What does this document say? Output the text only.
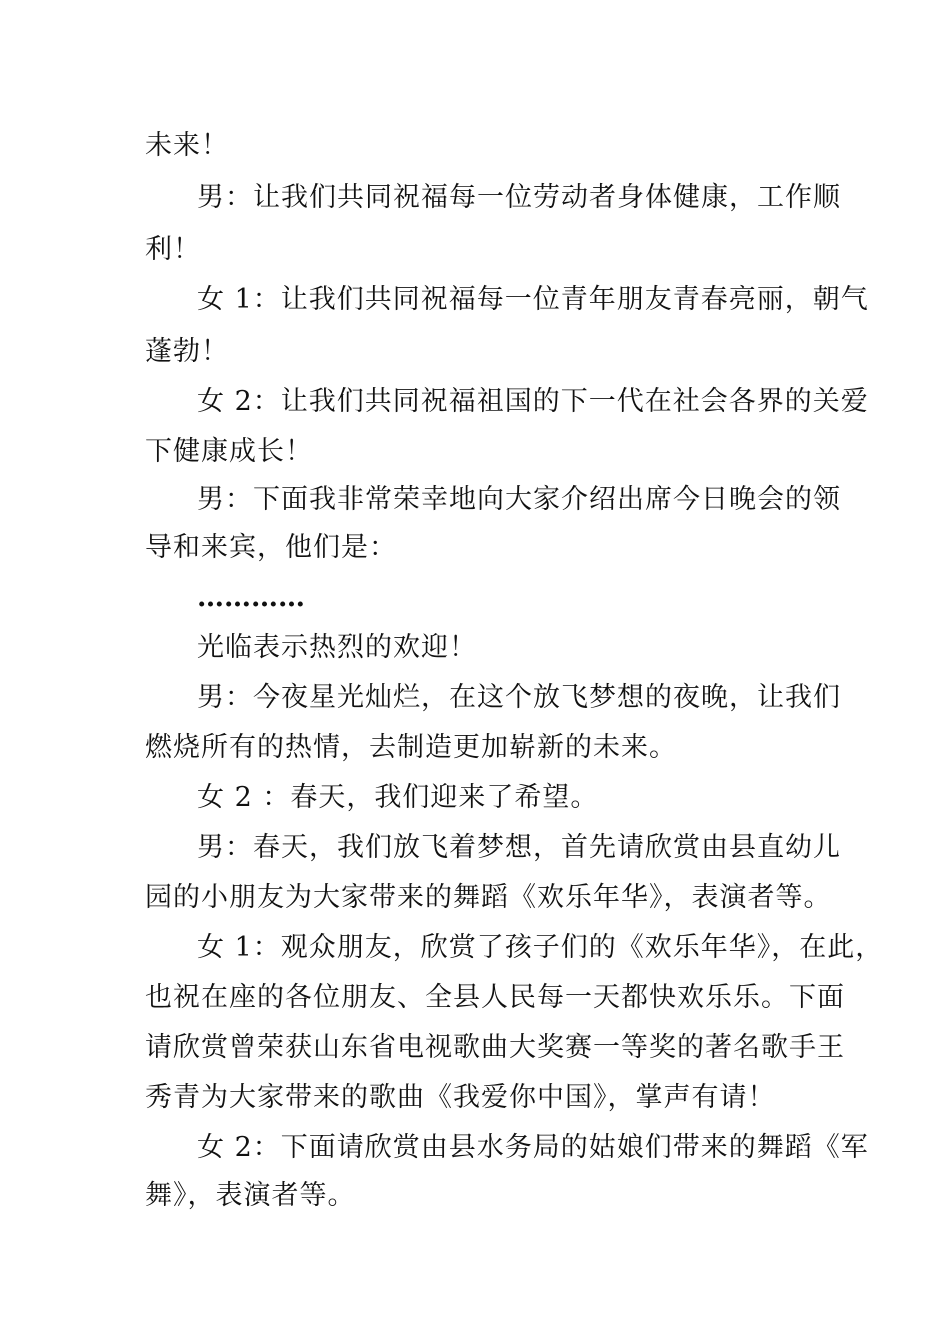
未来！
男：让我们共同祝福每一位劳动者身体健康，工作顺
利！
女 1：让我们共同祝福每一位青年朋友青春亮丽，朝气
蓬勃！
女 2：让我们共同祝福祖国的下一代在社会各界的关爱
下健康成长！
男：下面我非常荣幸地向大家介绍出席今日晚会的领
导和来宾，他们是：
…………
光临表示热烈的欢迎！
男：今夜星光灿烂，在这个放飞梦想的夜晚，让我们
燃烧所有的热情，去制造更加崭新的未来。
女 2 ：春天，我们迎来了希望。
男：春天，我们放飞着梦想，首先请欣赏由县直幼儿
园的小朋友为大家带来的舞蹈《欢乐年华》，表演者等。
女 1：观众朋友，欣赏了孩子们的《欢乐年华》，在此，
也祝在座的各位朋友、全县人民每一天都快欢乐乐。下面
请欣赏曾荣获山东省电视歌曲大奖赛一等奖的著名歌手王
秀青为大家带来的歌曲《我爱你中国》，掌声有请！
女 2：下面请欣赏由县水务局的姑娘们带来的舞蹈《军
舞》，表演者等。
